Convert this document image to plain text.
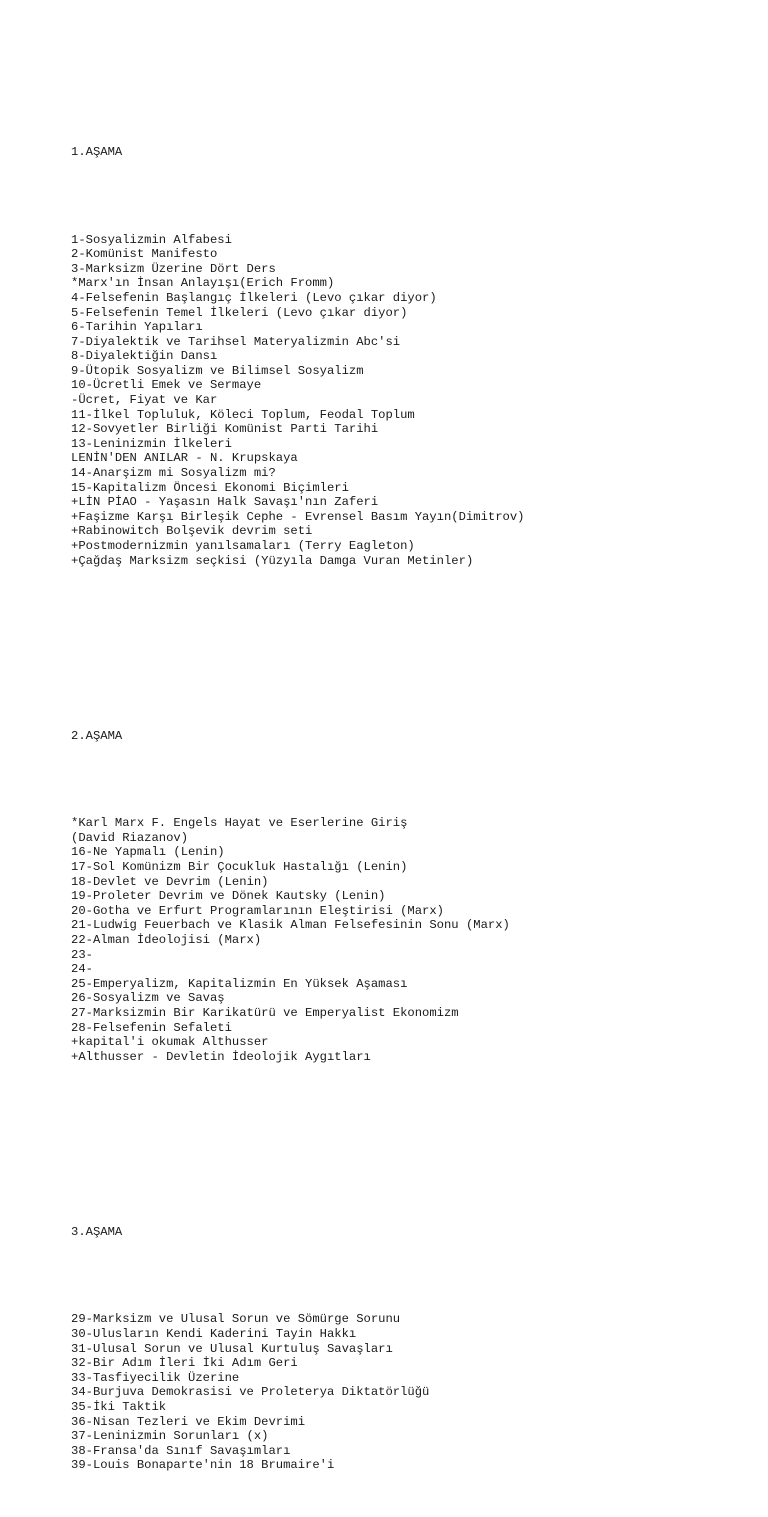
1.AŞAMA

1-Sosyalizmin Alfabesi
2-Komünist Manifesto
3-Marksizm Üzerine Dört Ders
*Marx'ın İnsan Anlayışı(Erich Fromm)
4-Felsefenin Başlangıç İlkeleri (Levo çıkar diyor)
5-Felsefenin Temel İlkeleri (Levo çıkar diyor)
6-Tarihin Yapıları
7-Diyalektik ve Tarihsel Materyalizmin Abc'si
8-Diyalektiğin Dansı
9-Ütopik Sosyalizm ve Bilimsel Sosyalizm
10-Ücretli Emek ve Sermaye
-Ücret, Fiyat ve Kar
11-İlkel Topluluk, Köleci Toplum, Feodal Toplum
12-Sovyetler Birliği Komünist Parti Tarihi
13-Leninizmin İlkeleri
LENİN'DEN ANILAR - N. Krupskaya
14-Anarşizm mi Sosyalizm mi?
15-Kapitalizm Öncesi Ekonomi Biçimleri
+LİN PİAO - Yaşasın Halk Savaşı'nın Zaferi
+Faşizme Karşı Birleşik Cephe - Evrensel Basım Yayın(Dimitrov)
+Rabinowitch Bolşevik devrim seti
+Postmodernizmin yanılsamaları (Terry Eagleton)
+Çağdaş Marksizm seçkisi (Yüzyıla Damga Vuran Metinler)

2.AŞAMA

*Karl Marx F. Engels Hayat ve Eserlerine Giriş
(David Riazanov)
16-Ne Yapmalı (Lenin)
17-Sol Komünizm Bir Çocukluk Hastalığı (Lenin)
18-Devlet ve Devrim (Lenin)
19-Proleter Devrim ve Dönek Kautsky (Lenin)
20-Gotha ve Erfurt Programlarının Eleştirisi (Marx)
21-Ludwig Feuerbach ve Klasik Alman Felsefesinin Sonu (Marx)
22-Alman İdeolojisi (Marx)
23-
24-
25-Emperyalizm, Kapitalizmin En Yüksek Aşaması
26-Sosyalizm ve Savaş
27-Marksizmin Bir Karikatürü ve Emperyalist Ekonomizm
28-Felsefenin Sefaleti
+kapital'i okumak Althusser
+Althusser - Devletin İdeolojik Aygıtları

3.AŞAMA

29-Marksizm ve Ulusal Sorun ve Sömürge Sorunu
30-Ulusların Kendi Kaderini Tayin Hakkı
31-Ulusal Sorun ve Ulusal Kurtuluş Savaşları
32-Bir Adım İleri İki Adım Geri
33-Tasfiyecilik Üzerine
34-Burjuva Demokrasisi ve Proleterya Diktatörlüğü
35-İki Taktik
36-Nisan Tezleri ve Ekim Devrimi
37-Leninizmin Sorunları (x)
38-Fransa'da Sınıf Savaşımları
39-Louis Bonaparte'nin 18 Brumaire'i
